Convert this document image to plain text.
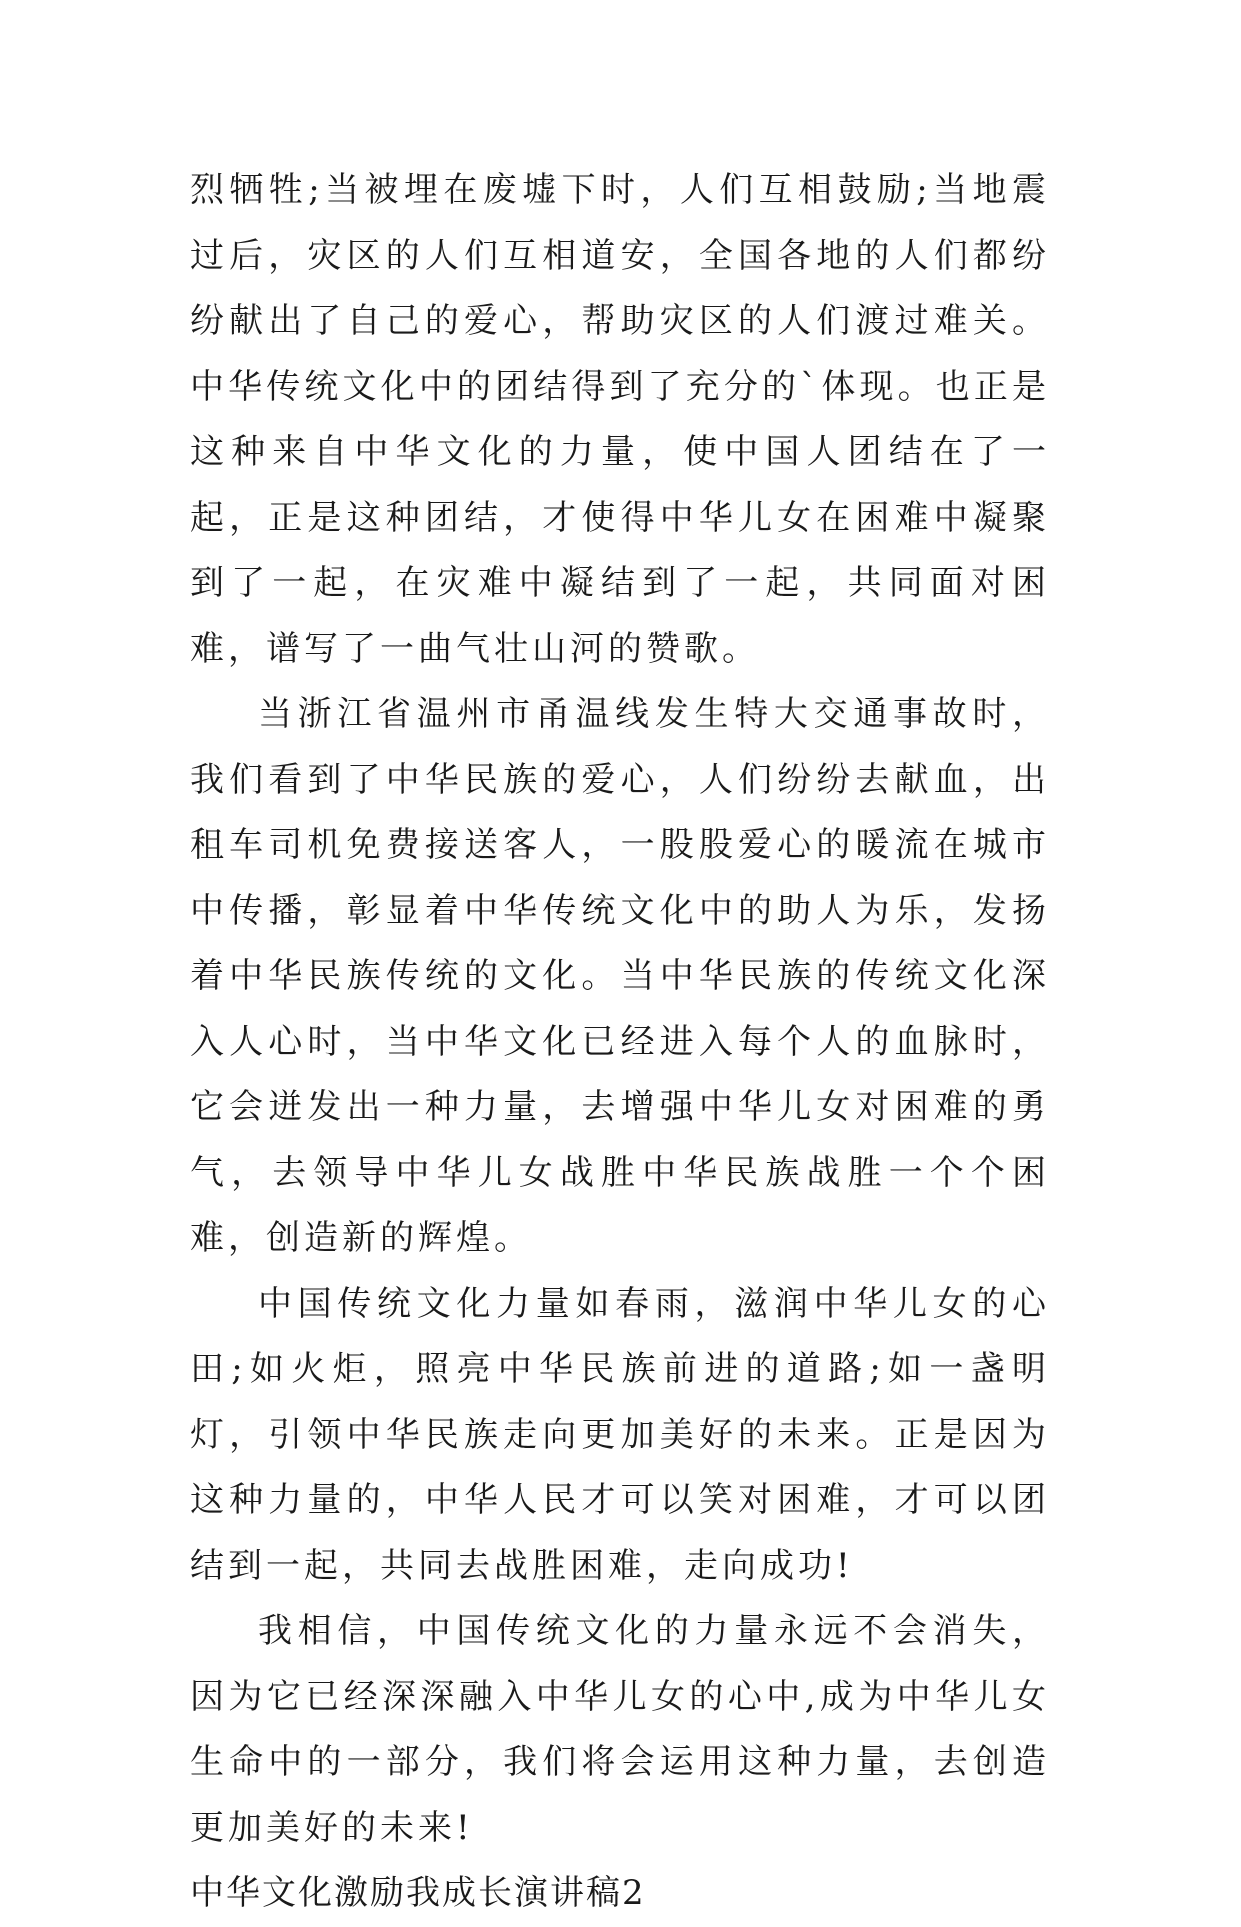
烈牺牲;当被埋在废墟下时，人们互相鼓励;当地震过后，灾区的人们互相道安，全国各地的人们都纷纷献出了自己的爱心，帮助灾区的人们渡过难关。中华传统文化中的团结得到了充分的`体现。也正是这种来自中华文化的力量，使中国人团结在了一起，正是这种团结，才使得中华儿女在困难中凝聚到了一起，在灾难中凝结到了一起，共同面对困难，谱写了一曲气壮山河的赞歌。

当浙江省温州市甬温线发生特大交通事故时，我们看到了中华民族的爱心，人们纷纷去献血，出租车司机免费接送客人，一股股爱心的暖流在城市中传播，彰显着中华传统文化中的助人为乐，发扬着中华民族传统的文化。当中华民族的传统文化深入人心时，当中华文化已经进入每个人的血脉时，它会迸发出一种力量，去增强中华儿女对困难的勇气，去领导中华儿女战胜中华民族战胜一个个困难，创造新的辉煌。

中国传统文化力量如春雨，滋润中华儿女的心田;如火炬，照亮中华民族前进的道路;如一盏明灯，引领中华民族走向更加美好的未来。正是因为这种力量的，中华人民才可以笑对困难，才可以团结到一起，共同去战胜困难，走向成功!

我相信，中国传统文化的力量永远不会消失，因为它已经深深融入中华儿女的心中,成为中华儿女生命中的一部分，我们将会运用这种力量，去创造更加美好的未来!

中华文化激励我成长演讲稿2
